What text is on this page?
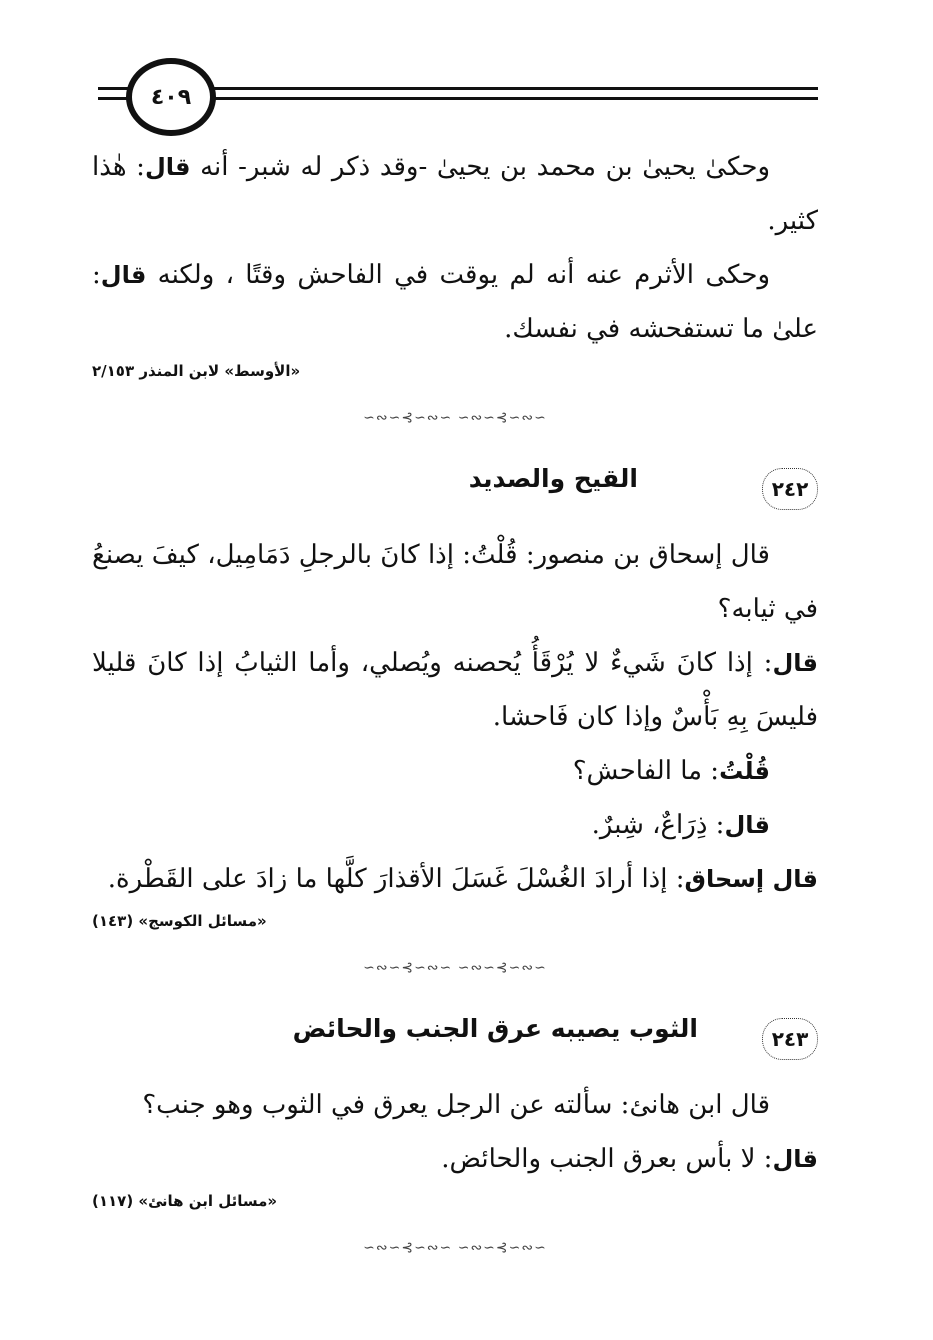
٤٠٩

وحكىٰ يحيىٰ بن محمد بن يحيىٰ -وقد ذكر له شبر- أنه قال: هٰذا كثير.

وحكى الأثرم عنه أنه لم يوقت في الفاحش وقتًا ، ولكنه قال: علىٰ ما تستفحشه في نفسك.

«الأوسط» لابن المنذر ٢/١٥٣

∽∾∽⊰∽∾∽ ∽∾∽⊰∽∾∽
٢٤٢
القيح والصديد

قال إسحاق بن منصور: قُلْتُ: إذا كانَ بالرجلِ دَمَامِيل، كيفَ يصنعُ في ثيابه؟

قال: إذا كانَ شَيءٌ لا يُرْقَأُ يُحصنه ويُصلي، وأما الثيابُ إذا كانَ قليلا فليسَ بِهِ بَأْسٌ وإذا كان فَاحشا.

قُلْتُ: ما الفاحش؟

قال: ذِرَاعٌ، شِبرٌ.

قال إسحاق: إذا أرادَ الغُسْلَ غَسَلَ الأقذارَ كلَّها ما زادَ على القَطْرة.

«مسائل الكوسج» (١٤٣)

∽∾∽⊰∽∾∽ ∽∾∽⊰∽∾∽
٢٤٣
الثوب يصيبه عرق الجنب والحائض

قال ابن هانئ: سألته عن الرجل يعرق في الثوب وهو جنب؟

قال: لا بأس بعرق الجنب والحائض.

«مسائل ابن هانئ» (١١٧)

∽∾∽⊰∽∾∽ ∽∾∽⊰∽∾∽
